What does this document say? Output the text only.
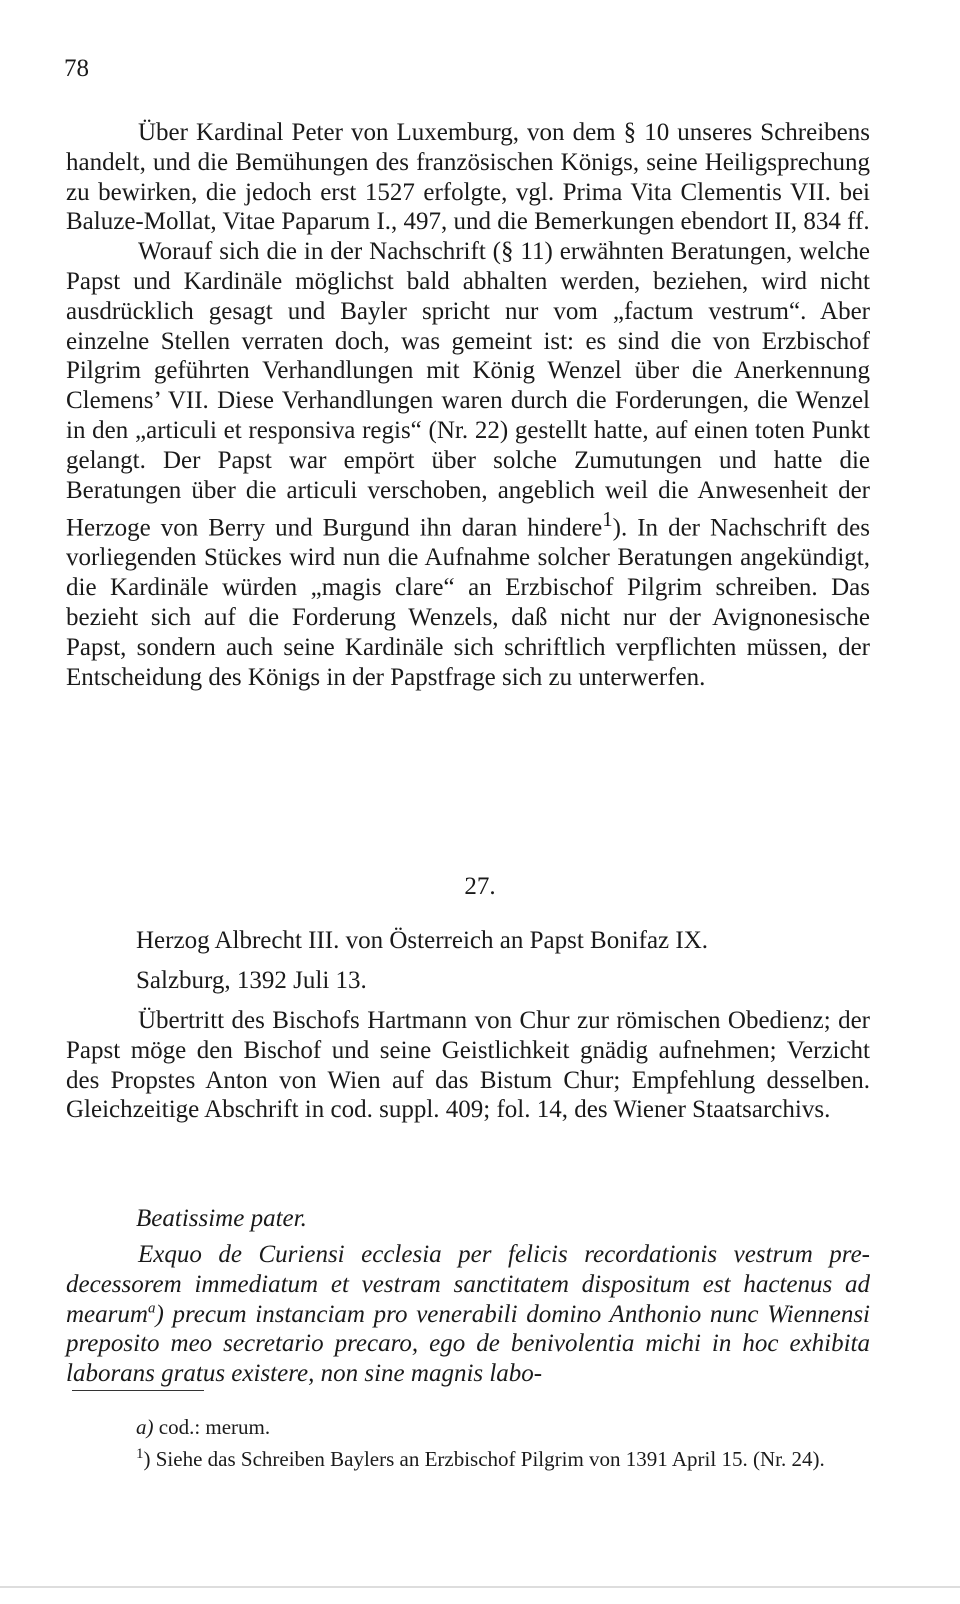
78

Über Kardinal Peter von Luxemburg, von dem § 10 unseres Schreibens handelt, und die Bemühungen des französischen Königs, seine Heiligsprechung zu bewirken, die jedoch erst 1527 erfolgte, vgl. Prima Vita Clementis VII. bei Baluze-Mollat, Vitae Paparum I., 497, und die Bemerkungen ebendort II, 834 ff.

Worauf sich die in der Nachschrift (§ 11) erwähnten Beratungen, welche Papst und Kardinäle möglichst bald abhalten werden, beziehen, wird nicht ausdrücklich gesagt und Bayler spricht nur vom „factum vestrum“. Aber einzelne Stellen verraten doch, was gemeint ist: es sind die von Erzbischof Pilgrim geführten Verhandlungen mit König Wenzel über die Anerkennung Clemens’ VII. Diese Verhandlungen waren durch die Forderungen, die Wenzel in den „articuli et responsiva regis“ (Nr. 22) gestellt hatte, auf einen toten Punkt gelangt. Der Papst war empört über solche Zumutungen und hatte die Beratungen über die articuli verschoben, angeblich weil die Anwesenheit der Herzoge von Berry und Burgund ihn daran hindere$^1$). In der Nachschrift des vorliegenden Stückes wird nun die Aufnahme solcher Beratungen angekündigt, die Kardinäle würden „magis clare“ an Erzbischof Pilgrim schreiben. Das bezieht sich auf die Forderung Wenzels, daß nicht nur der Avignonesische Papst, sondern auch seine Kardinäle sich schriftlich verpflichten müssen, der Entscheidung des Königs in der Papstfrage sich zu unterwerfen.

27.
Herzog Albrecht III. von Österreich an Papst Bonifaz IX.
Salzburg, 1392 Juli 13.

Übertritt des Bischofs Hartmann von Chur zur römischen Obedienz; der Papst möge den Bischof und seine Geistlichkeit gnädig aufnehmen; Verzicht des Propstes Anton von Wien auf das Bistum Chur; Empfehlung desselben. Gleichzeitige Abschrift in cod. suppl. 409; fol. 14, des Wiener Staatsarchivs.

Beatissime pater.

Exquo de Curiensi ecclesia per felicis recordationis vestrum predecessorem immediatum et vestram sanctitatem dispositum est hactenus ad mearum$^a$) precum instanciam pro venerabili domino Anthonio nunc Wiennensi preposito meo secretario precaro, ego de benivolentia michi in hoc exhibita laborans gratus existere, non sine magnis labo-

a) cod.: merum.

$^1$) Siehe das Schreiben Baylers an Erzbischof Pilgrim von 1391 April 15. (Nr. 24).
